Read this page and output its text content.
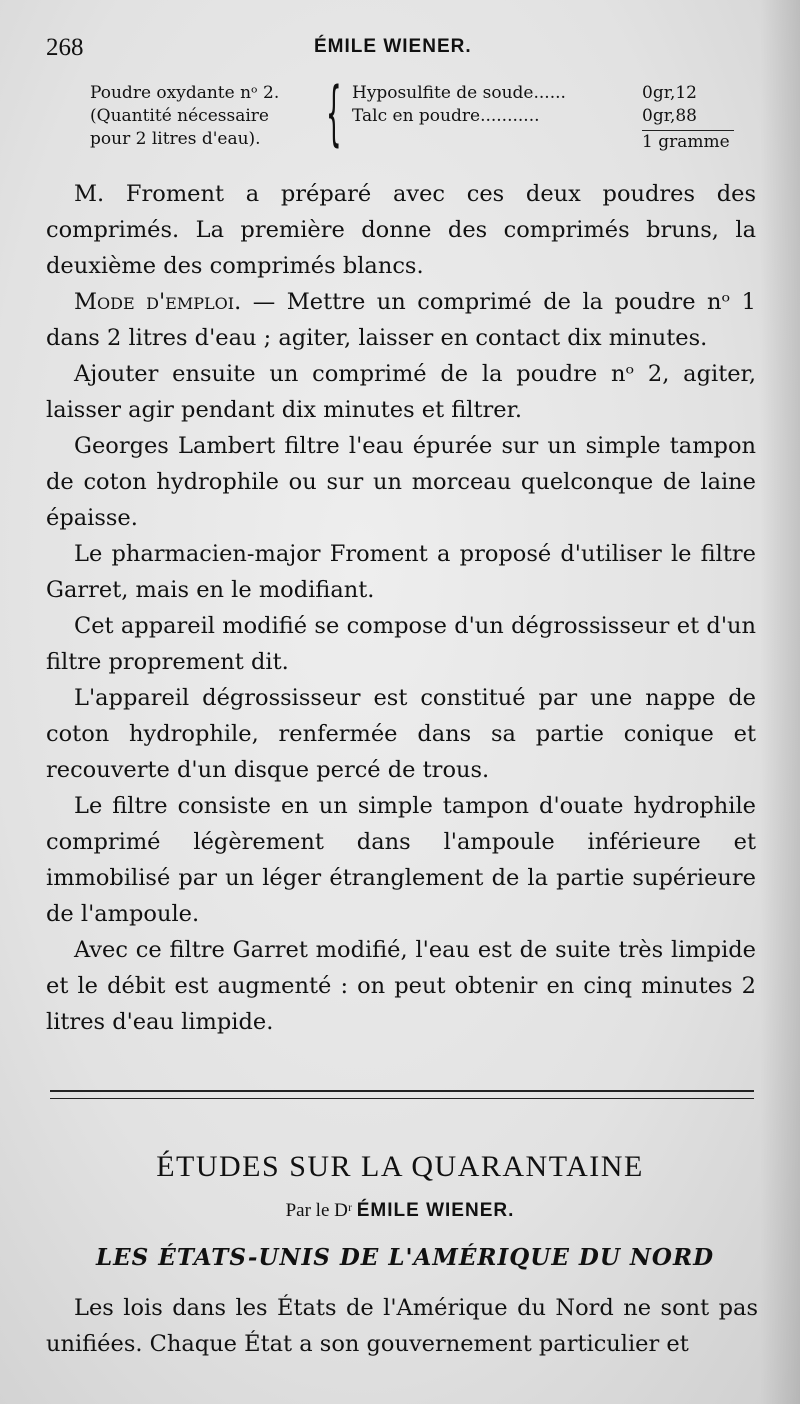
268	ÉMILE WIENER.
Poudre oxydante nᵒ 2.
(Quantité nécessaire
pour 2 litres d'eau). { Hyposulfite de soude......
Talc en poudre...........
0gr,12
0gr,88
1 gramme

M. Froment a préparé avec ces deux poudres des comprimés. La première donne des comprimés bruns, la deuxième des comprimés blancs.

Mode d'emploi. — Mettre un comprimé de la poudre nᵒ 1 dans 2 litres d'eau ; agiter, laisser en contact dix minutes.

Ajouter ensuite un comprimé de la poudre nᵒ 2, agiter, laisser agir pendant dix minutes et filtrer.

Georges Lambert filtre l'eau épurée sur un simple tampon de coton hydrophile ou sur un morceau quelconque de laine épaisse.

Le pharmacien-major Froment a proposé d'utiliser le filtre Garret, mais en le modifiant.

Cet appareil modifié se compose d'un dégrossisseur et d'un filtre proprement dit.

L'appareil dégrossisseur est constitué par une nappe de coton hydrophile, renfermée dans sa partie conique et recouverte d'un disque percé de trous.

Le filtre consiste en un simple tampon d'ouate hydrophile comprimé légèrement dans l'ampoule inférieure et immobilisé par un léger étranglement de la partie supérieure de l'ampoule.

Avec ce filtre Garret modifié, l'eau est de suite très limpide et le débit est augmenté : on peut obtenir en cinq minutes 2 litres d'eau limpide.

ÉTUDES SUR LA QUARANTAINE
Par le Dʳ ÉMILE WIENER.
LES ÉTATS-UNIS DE L'AMÉRIQUE DU NORD

Les lois dans les États de l'Amérique du Nord ne sont pas unifiées. Chaque État a son gouvernement particulier et
